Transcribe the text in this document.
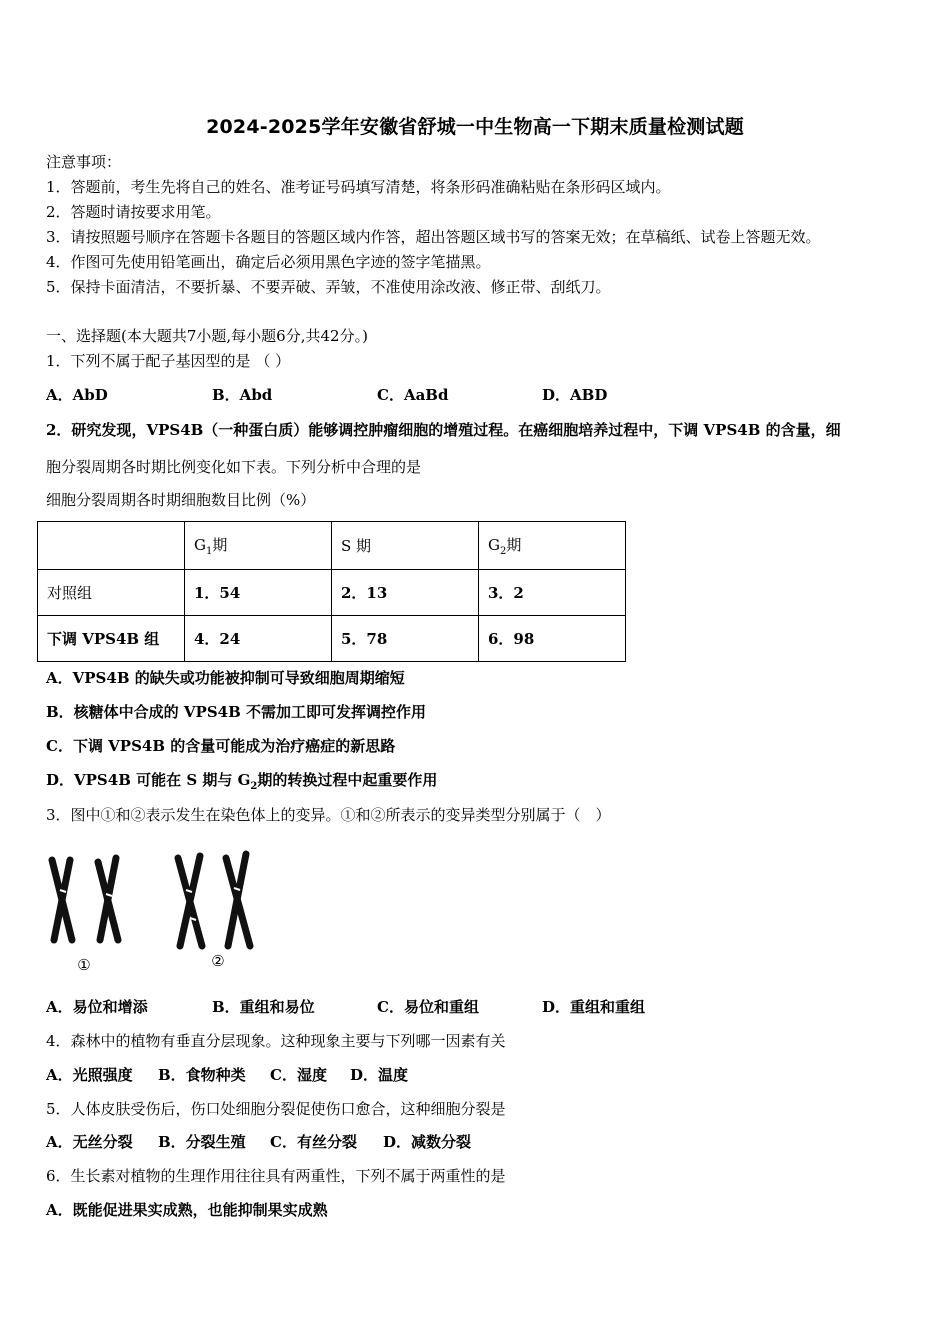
2024-2025学年安徽省舒城一中生物高一下期末质量检测试题
注意事项：
1．答题前，考生先将自己的姓名、准考证号码填写清楚，将条形码准确粘贴在条形码区域内。
2．答题时请按要求用笔。
3．请按照题号顺序在答题卡各题目的答题区域内作答，超出答题区域书写的答案无效；在草稿纸、试卷上答题无效。
4．作图可先使用铅笔画出，确定后必须用黑色字迹的签字笔描黑。
5．保持卡面清洁，不要折暴、不要弄破、弄皱，不准使用涂改液、修正带、刮纸刀。
一、选择题(本大题共7小题,每小题6分,共42分。)
1．下列不属于配子基因型的是 （ ）
A．AbD	B．Abd	C．AaBd	D．ABD
2．研究发现，VPS4B（一种蛋白质）能够调控肿瘤细胞的增殖过程。在癌细胞培养过程中，下调 VPS4B 的含量，细
胞分裂周期各时期比例变化如下表。下列分析中合理的是
细胞分裂周期各时期细胞数目比例（%）
	$G_1$期	S 期	$G_2$期
对照组	1．54	2．13	3．2
下调 VPS4B 组	4．24	5．78	6．98
A．VPS4B 的缺失或功能被抑制可导致细胞周期缩短
B．核糖体中合成的 VPS4B 不需加工即可发挥调控作用
C．下调 VPS4B 的含量可能成为治疗癌症的新思路
D．VPS4B 可能在 S 期与 $G_2$期的转换过程中起重要作用
3．图中①和②表示发生在染色体上的变异。①和②所表示的变异类型分别属于（　）
①	②
A．易位和增添	B．重组和易位	C．易位和重组	D．重组和重组
4．森林中的植物有垂直分层现象。这种现象主要与下列哪一因素有关
A．光照强度 B．食物种类 C．湿度 D．温度
5．人体皮肤受伤后，伤口处细胞分裂促使伤口愈合，这种细胞分裂是
A．无丝分裂 B．分裂生殖 C．有丝分裂 D．减数分裂
6．生长素对植物的生理作用往往具有两重性，下列不属于两重性的是
A．既能促进果实成熟，也能抑制果实成熟
